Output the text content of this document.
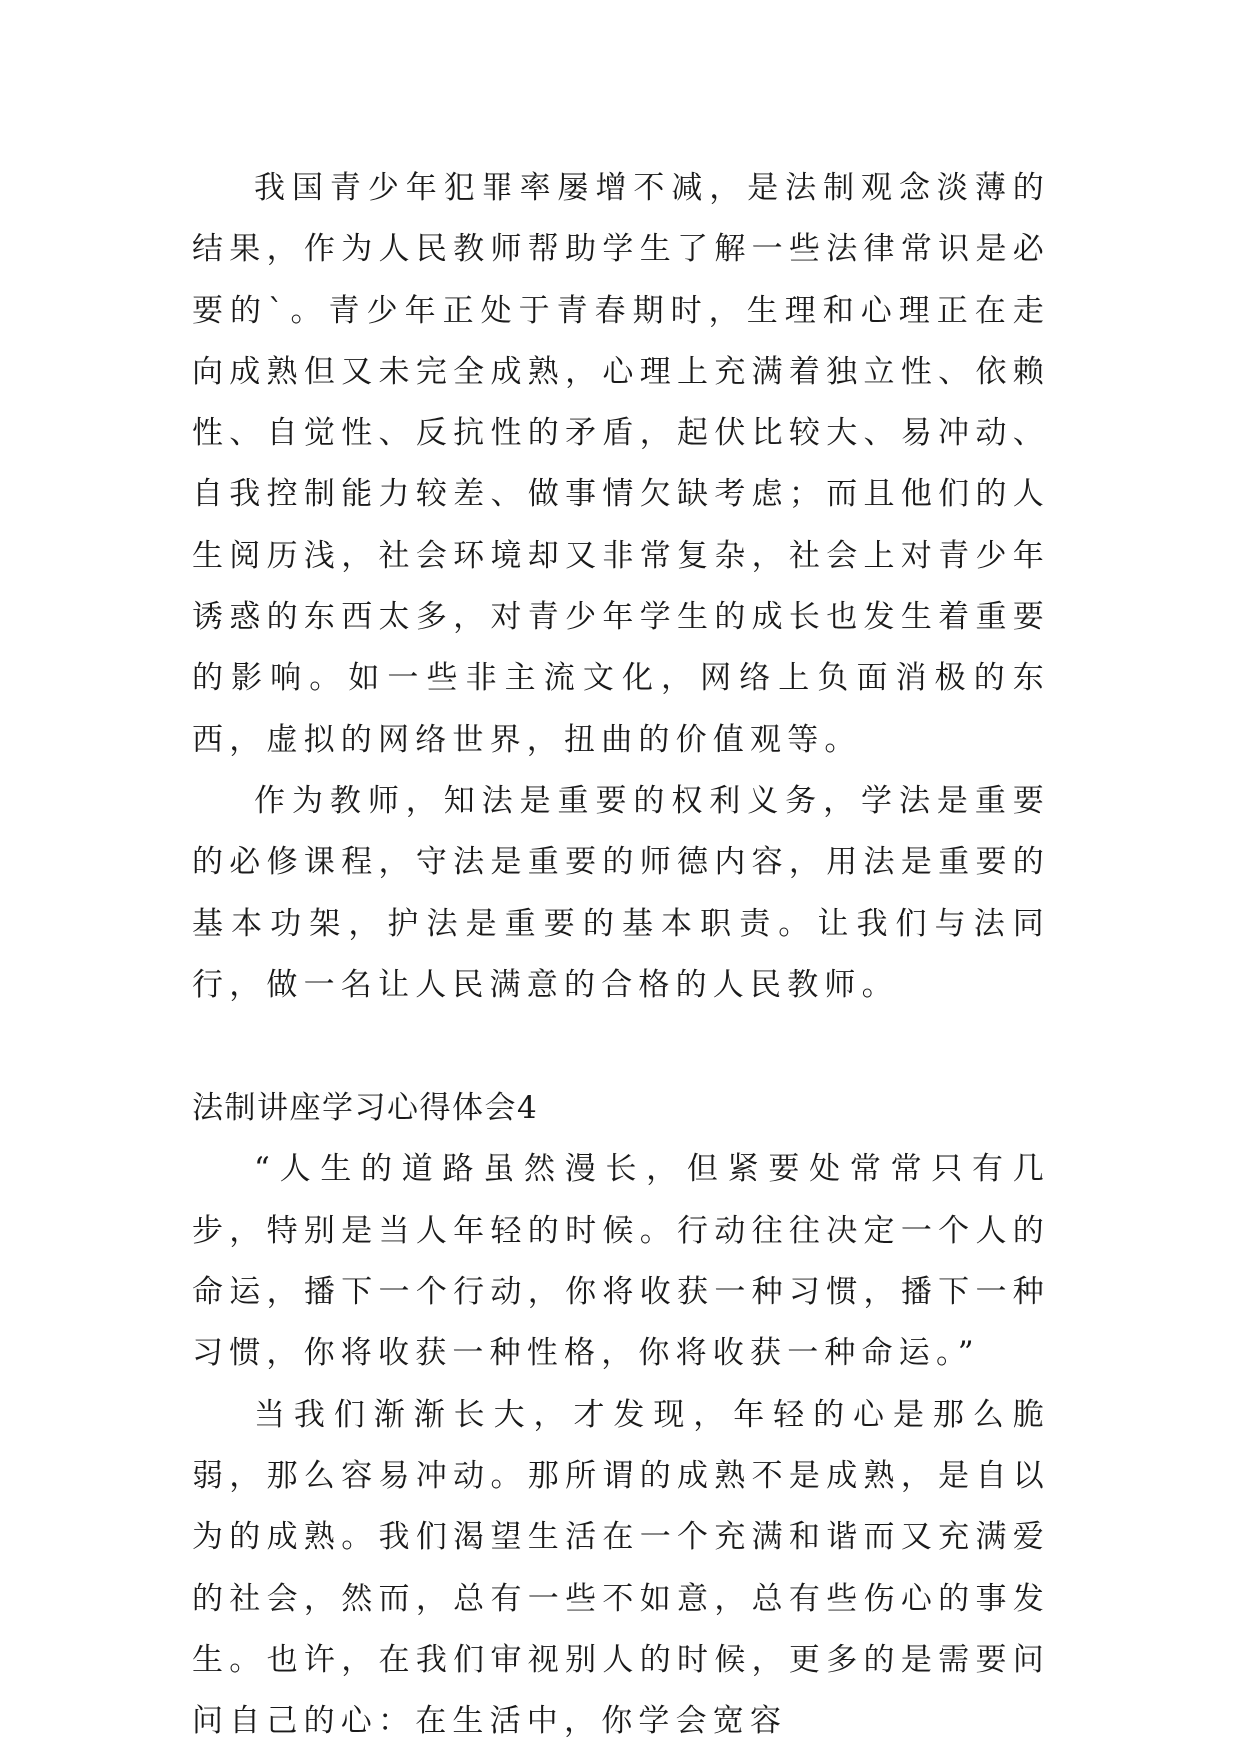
我国青少年犯罪率屡增不减，是法制观念淡薄的结果，作为人民教师帮助学生了解一些法律常识是必要的`。青少年正处于青春期时，生理和心理正在走向成熟但又未完全成熟，心理上充满着独立性、依赖性、自觉性、反抗性的矛盾，起伏比较大、易冲动、自我控制能力较差、做事情欠缺考虑；而且他们的人生阅历浅，社会环境却又非常复杂，社会上对青少年诱惑的东西太多，对青少年学生的成长也发生着重要的影响。如一些非主流文化，网络上负面消极的东西，虚拟的网络世界，扭曲的价值观等。

作为教师，知法是重要的权利义务，学法是重要的必修课程，守法是重要的师德内容，用法是重要的基本功架，护法是重要的基本职责。让我们与法同行，做一名让人民满意的合格的人民教师。

法制讲座学习心得体会4

“人生的道路虽然漫长，但紧要处常常只有几步，特别是当人年轻的时候。行动往往决定一个人的命运，播下一个行动，你将收获一种习惯，播下一种习惯，你将收获一种性格，你将收获一种命运。”

当我们渐渐长大，才发现，年轻的心是那么脆弱，那么容易冲动。那所谓的成熟不是成熟，是自以为的成熟。我们渴望生活在一个充满和谐而又充满爱的社会，然而，总有一些不如意，总有些伤心的事发生。也许，在我们审视别人的时候，更多的是需要问问自己的心：在生活中，你学会宽容
